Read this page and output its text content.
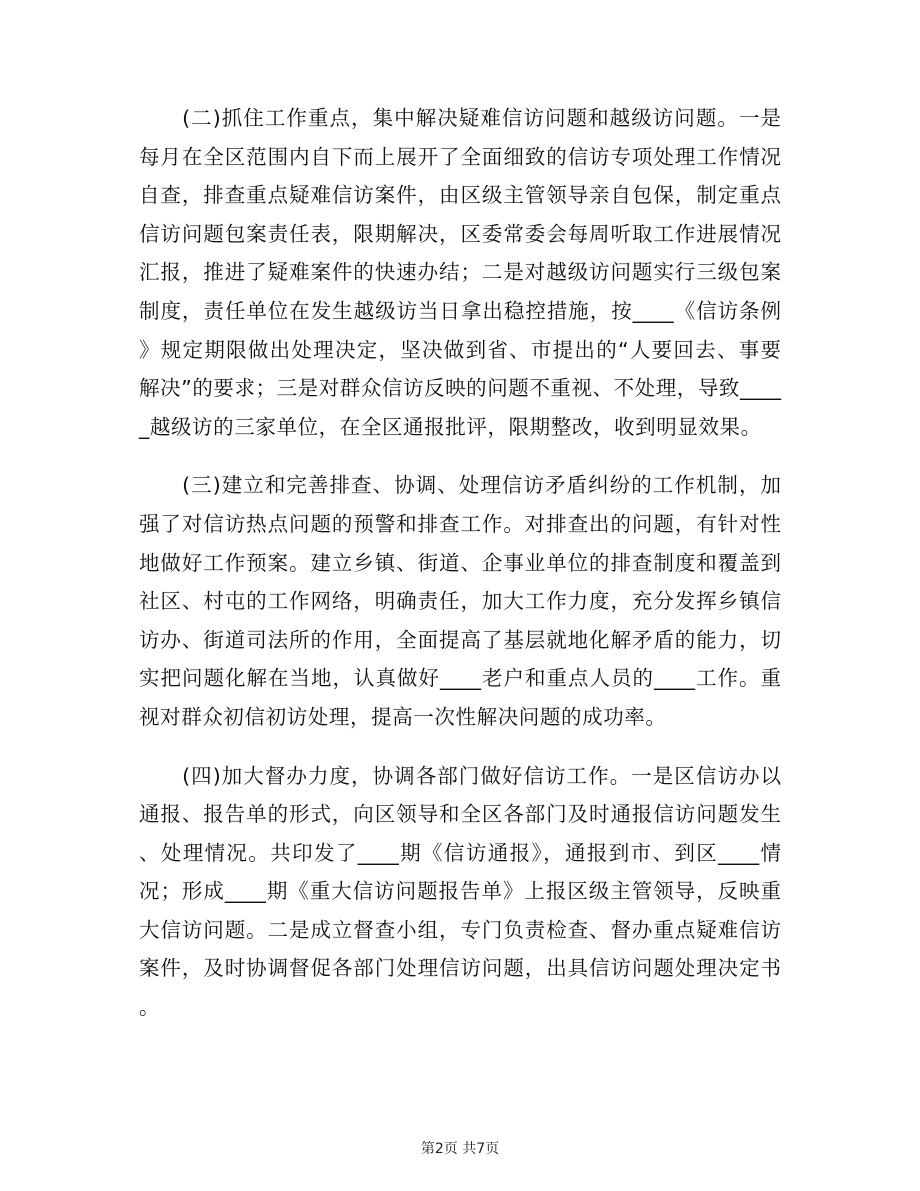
　　(二)抓住工作重点，集中解决疑难信访问题和越级访问题。一是
每月在全区范围内自下而上展开了全面细致的信访专项处理工作情况
自查，排查重点疑难信访案件，由区级主管领导亲自包保，制定重点
信访问题包案责任表，限期解决，区委常委会每周听取工作进展情况
汇报，推进了疑难案件的快速办结；二是对越级访问题实行三级包案
制度，责任单位在发生越级访当日拿出稳控措施，按____《信访条例
》规定期限做出处理决定，坚决做到省、市提出的“人要回去、事要
解决”的要求；三是对群众信访反映的问题不重视、不处理，导致____
_越级访的三家单位，在全区通报批评，限期整改，收到明显效果。
　　(三)建立和完善排查、协调、处理信访矛盾纠纷的工作机制，加
强了对信访热点问题的预警和排查工作。对排查出的问题，有针对性
地做好工作预案。建立乡镇、街道、企事业单位的排查制度和覆盖到
社区、村屯的工作网络，明确责任，加大工作力度，充分发挥乡镇信
访办、街道司法所的作用，全面提高了基层就地化解矛盾的能力，切
实把问题化解在当地，认真做好____老户和重点人员的____工作。重
视对群众初信初访处理，提高一次性解决问题的成功率。
　　(四)加大督办力度，协调各部门做好信访工作。一是区信访办以
通报、报告单的形式，向区领导和全区各部门及时通报信访问题发生
、处理情况。共印发了____期《信访通报》，通报到市、到区____情
况；形成____期《重大信访问题报告单》上报区级主管领导，反映重
大信访问题。二是成立督查小组，专门负责检查、督办重点疑难信访
案件，及时协调督促各部门处理信访问题，出具信访问题处理决定书
。
第2页 共7页
